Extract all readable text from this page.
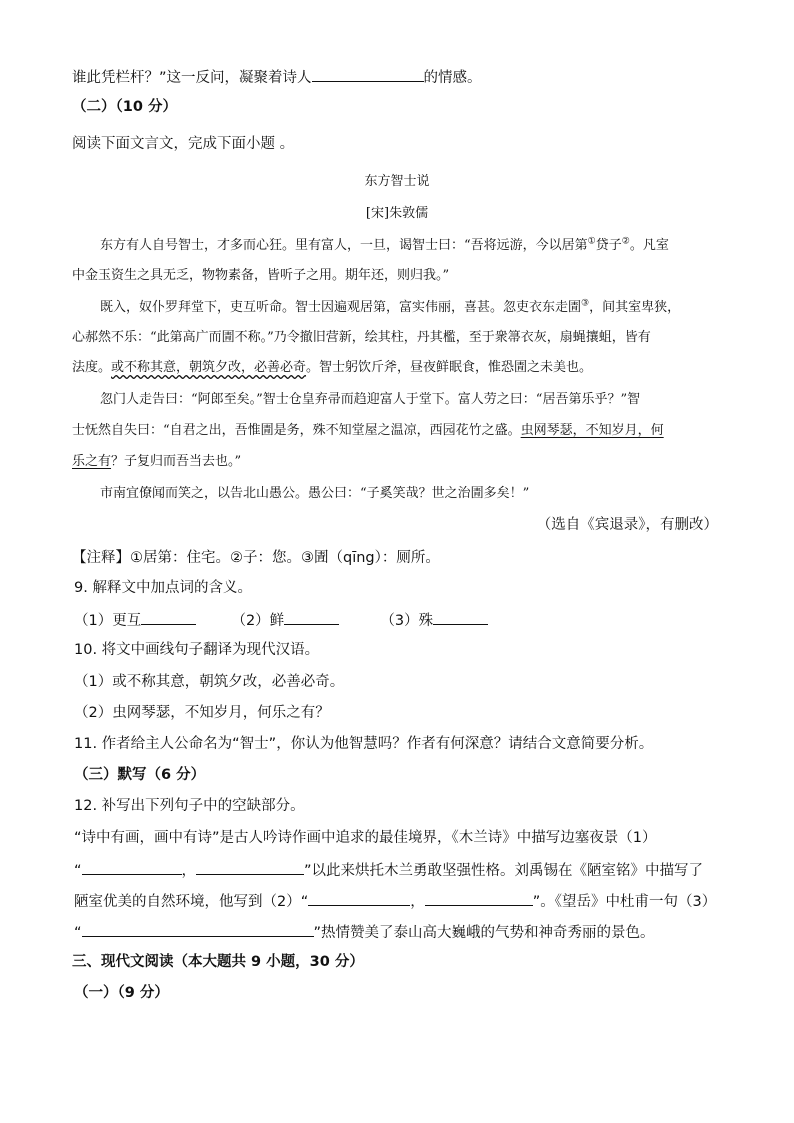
谁此凭栏杆？”这一反问，凝聚着诗人	的情感。
（二）（10 分）
阅读下面文言文，完成下面小题 。
东方智士说
[宋]朱敦儒
东方有人自号智士，才多而心狂。里有富人，一旦，谒智士曰：“吾将远游，今以居第①贷子②。凡室
中金玉资生之具无乏，物物素备，皆听子之用。期年还，则归我。”
既入，奴仆罗拜堂下，吏互听命。智士因遍观居第，富实伟丽，喜甚。忽吏衣东走圊③，间其室卑狭，
心郝然不乐：“此第高广而圊不称。”乃令撤旧营新，绘其柱，丹其檻，至于衆箒衣灰，扇蝇攘蛆，皆有
法度。或不称其意，朝筑夕改，必善必奇。智士躬饮斤斧，昼夜鲜眠食，惟恐圊之未美也。
忽门人走告曰：“阿郎至矣。”智士仓皇弃帚而趋迎富人于堂下。富人劳之曰：“居吾第乐乎？”智
士怃然自失曰：“自君之出，吾惟圊是务，殊不知堂屋之温凉，西园花竹之盛。虫网琴瑟，不知岁月，何
乐之有？子复归而吾当去也。”
市南宜僚闻而笑之，以告北山愚公。愚公曰：“子奚笑哉？世之治圊多矣！”
（选自《宾退录》，有删改）
【注释】①居第：住宅。②子：您。③圊（qīng）：厕所。
9. 解释文中加点词的含义。
（1）更互	（2）鲜	（3）殊
10. 将文中画线句子翻译为现代汉语。
（1）或不称其意，朝筑夕改，必善必奇。
（2）虫网琴瑟，不知岁月，何乐之有？
11. 作者给主人公命名为“智士”，你认为他智慧吗？作者有何深意？请结合文意简要分析。
（三）默写（6 分）
12. 补写出下列句子中的空缺部分。
“诗中有画，画中有诗”是古人吟诗作画中追求的最佳境界，《木兰诗》中描写边塞夜景（1）
“	，	”以此来烘托木兰勇敢坚强性格。刘禹锡在《陋室铭》中描写了
陋室优美的自然环境，他写到（2）“	，	”。《望岳》中杜甫一句（3）
“	”热情赞美了泰山高大巍峨的气势和神奇秀丽的景色。
三、现代文阅读（本大题共 9 小题，30 分）
（一）（9 分）
